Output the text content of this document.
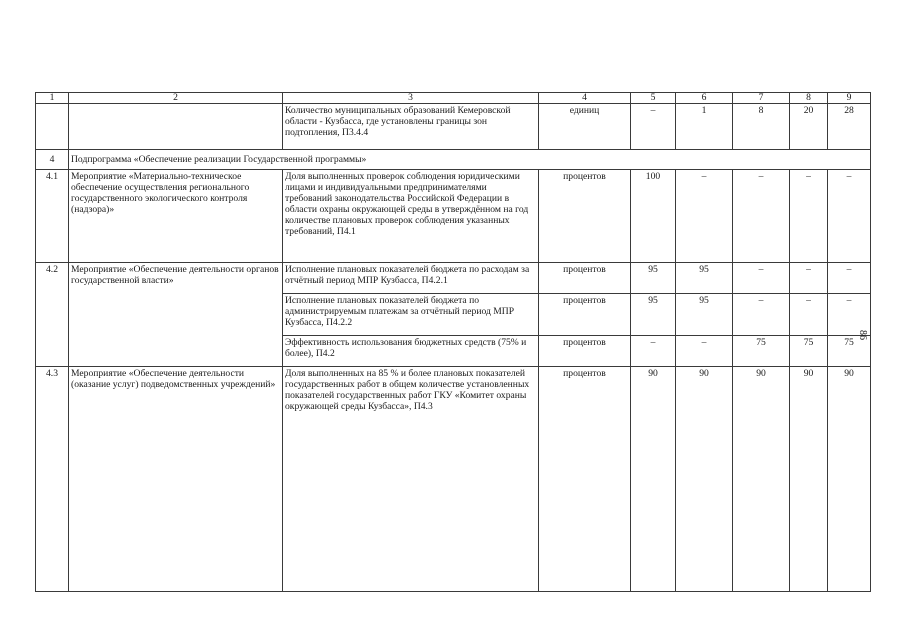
1	2	3	4	5	6	7	8	9
		Количество муниципальных образований Кемеровской области - Кузбасса, где установлены границы зон подтопления, П3.4.4	единиц	–	1	8	20	28
4	Подпрограмма «Обеспечение реализации Государственной программы»							
4.1	Мероприятие «Материально-техническое обеспечение осуществления регионального государственного экологического контроля (надзора)»	Доля выполненных проверок соблюдения юридическими лицами и индивидуальными предпринимателями требований законодательства Российской Федерации в области охраны окружающей среды в утверждённом на год количестве плановых проверок соблюдения указанных требований, П4.1	процентов	100	–	–	–	–
4.2	Мероприятие «Обеспечение деятельности органов государственной власти»	Исполнение плановых показателей бюджета по расходам за отчётный период МПР Кузбасса, П4.2.1	процентов	95	95	–	–	–
		Исполнение плановых показателей бюджета по администрируемым платежам за отчётный период МПР Кузбасса, П4.2.2	процентов	95	95	–	–	–
		Эффективность использования бюджетных средств (75% и более), П4.2	процентов	–	–	75	75	75
4.3	Мероприятие «Обеспечение деятельности (оказание услуг) подведомственных учреждений»	Доля выполненных на 85 % и более плановых показателей государственных работ в общем количестве установленных показателей государственных работ ГКУ «Комитет охраны окружающей среды Кузбасса», П4.3	процентов	90	90	90	90	90
86
